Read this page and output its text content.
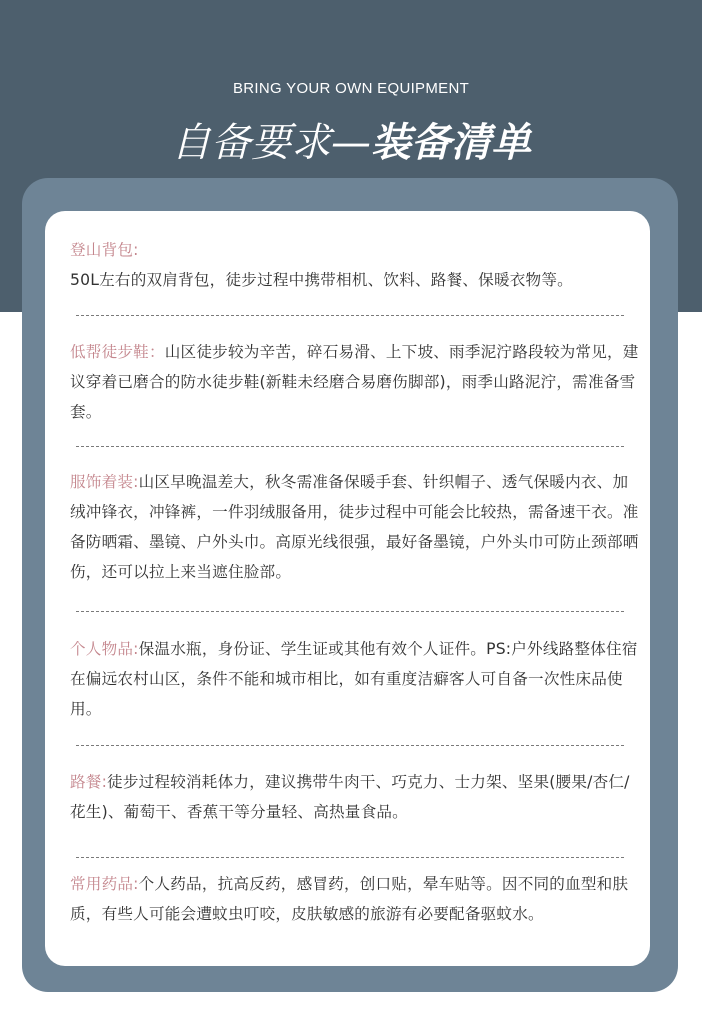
BRING YOUR OWN EQUIPMENT
自备要求—装备清单
登山背包:
50L左右的双肩背包，徒步过程中携带相机、饮料、路餐、保暖衣物等。
低帮徒步鞋：山区徒步较为辛苦，碎石易滑、上下坡、雨季泥泞路段较为常见，建议穿着已磨合的防水徒步鞋(新鞋未经磨合易磨伤脚部)，雨季山路泥泞，需准备雪套。
服饰着装:山区早晚温差大，秋冬需准备保暖手套、针织帽子、透气保暖内衣、加绒冲锋衣，冲锋裤，一件羽绒服备用，徒步过程中可能会比较热，需备速干衣。准备防晒霜、墨镜、户外头巾。高原光线很强，最好备墨镜，户外头巾可防止颈部晒伤，还可以拉上来当遮住脸部。
个人物品:保温水瓶，身份证、学生证或其他有效个人证件。PS:户外线路整体住宿在偏远农村山区，条件不能和城市相比，如有重度洁癖客人可自备一次性床品使用。
路餐:徒步过程较消耗体力，建议携带牛肉干、巧克力、士力架、坚果(腰果/杏仁/花生)、葡萄干、香蕉干等分量轻、高热量食品。
常用药品:个人药品，抗高反药，感冒药，创口贴，晕车贴等。因不同的血型和肤质，有些人可能会遭蚊虫叮咬，皮肤敏感的旅游有必要配备驱蚊水。
